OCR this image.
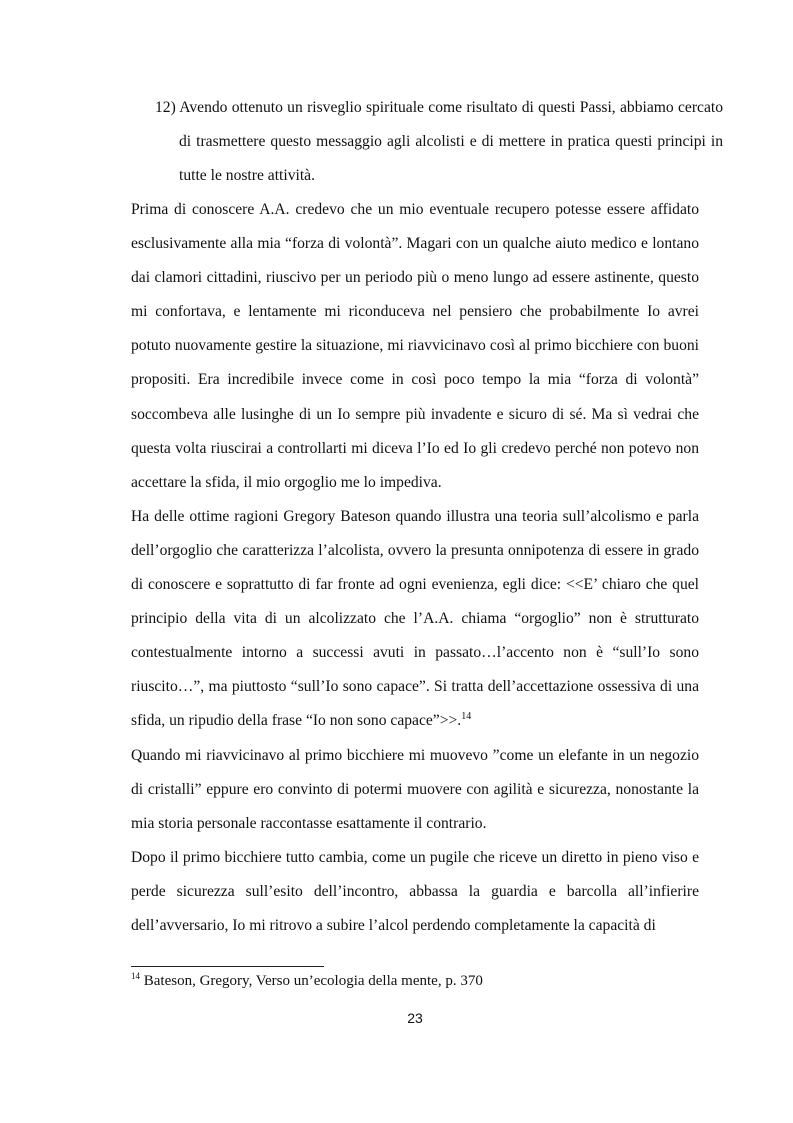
12) Avendo ottenuto un risveglio spirituale come risultato di questi Passi, abbiamo cercato di trasmettere questo messaggio agli alcolisti e di mettere in pratica questi principi in tutte le nostre attività.

Prima di conoscere A.A. credevo che un mio eventuale recupero potesse essere affidato esclusivamente alla mia “forza di volontà”. Magari con un qualche aiuto medico e lontano dai clamori cittadini, riuscivo per un periodo più o meno lungo ad essere astinente, questo mi confortava, e lentamente mi riconduceva nel pensiero che probabilmente Io avrei potuto nuovamente gestire la situazione, mi riavvicinavo così al primo bicchiere con buoni propositi. Era incredibile invece come in così poco tempo la mia “forza di volontà” soccombeva alle lusinghe di un Io sempre più invadente e sicuro di sé. Ma sì vedrai che questa volta riuscirai a controllarti mi diceva l’Io ed Io gli credevo perché non potevo non accettare la sfida, il mio orgoglio me lo impediva.

Ha delle ottime ragioni Gregory Bateson quando illustra una teoria sull’alcolismo e parla dell’orgoglio che caratterizza l’alcolista, ovvero la presunta onnipotenza di essere in grado di conoscere e soprattutto di far fronte ad ogni evenienza, egli dice: <<E’ chiaro che quel principio della vita di un alcolizzato che l’A.A. chiama “orgoglio” non è strutturato contestualmente intorno a successi avuti in passato…l’accento non è “sull’Io sono riuscito…”, ma piuttosto “sull’Io sono capace”. Si tratta dell’accettazione ossessiva di una sfida, un ripudio della frase “Io non sono capace”>>.$^{14}$

Quando mi riavvicinavo al primo bicchiere mi muovevo ”come un elefante in un negozio di cristalli” eppure ero convinto di potermi muovere con agilità e sicurezza, nonostante la mia storia personale raccontasse esattamente il contrario.

Dopo il primo bicchiere tutto cambia, come un pugile che riceve un diretto in pieno viso e perde sicurezza sull’esito dell’incontro, abbassa la guardia e barcolla all’infierire dell’avversario, Io mi ritrovo a subire l’alcol perdendo completamente la capacità di

$^{14}$ Bateson, Gregory, Verso un’ecologia della mente, p. 370
23
